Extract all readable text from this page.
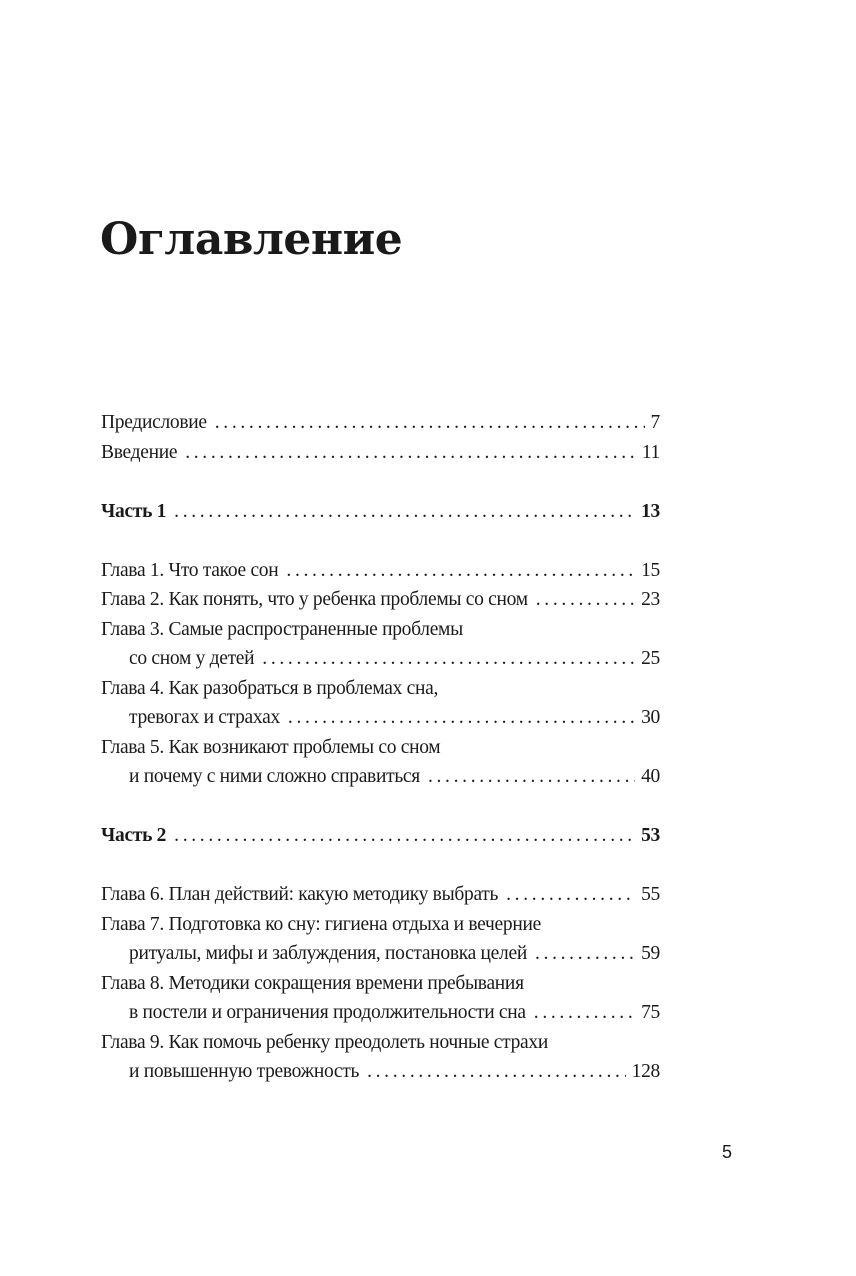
Оглавление
Предисловие . . .	7
Введение . . .	11
Часть 1 . . .	13
Глава 1. Что такое сон . . .	15
Глава 2. Как понять, что у ребенка проблемы со сном . . .	23
Глава 3. Самые распространенные проблемы
со сном у детей . . .	25
Глава 4. Как разобраться в проблемах сна,
тревогах и страхах . . .	30
Глава 5. Как возникают проблемы со сном
и почему с ними сложно справиться . . .	40
Часть 2 . . .	53
Глава 6. План действий: какую методику выбрать . . .	55
Глава 7. Подготовка ко сну: гигиена отдыха и вечерние
ритуалы, мифы и заблуждения, постановка целей . . .	59
Глава 8. Методики сокращения времени пребывания
в постели и ограничения продолжительности сна . . .	75
Глава 9. Как помочь ребенку преодолеть ночные страхи
и повышенную тревожность . . .	128
5
